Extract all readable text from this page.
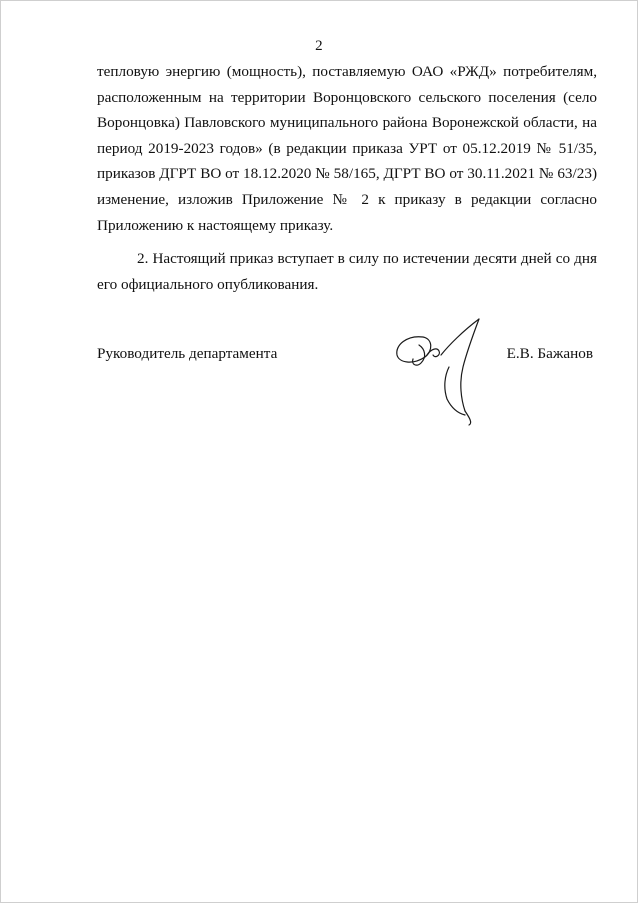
2
тепловую энергию (мощность), поставляемую ОАО «РЖД» потребителям,
расположенным на территории Воронцовского сельского поселения (село
Воронцовка) Павловского муниципального района Воронежской области, на
период 2019-2023 годов» (в редакции приказа УРТ от 05.12.2019 № 51/35,
приказов ДГРТ ВО от 18.12.2020 № 58/165, ДГРТ ВО от 30.11.2021 № 63/23)
изменение, изложив Приложение № 2 к приказу в редакции согласно
Приложению к настоящему приказу.
2. Настоящий приказ вступает в силу по истечении десяти дней со дня
его официального опубликования.
Руководитель департамента	Е.В. Бажанов
